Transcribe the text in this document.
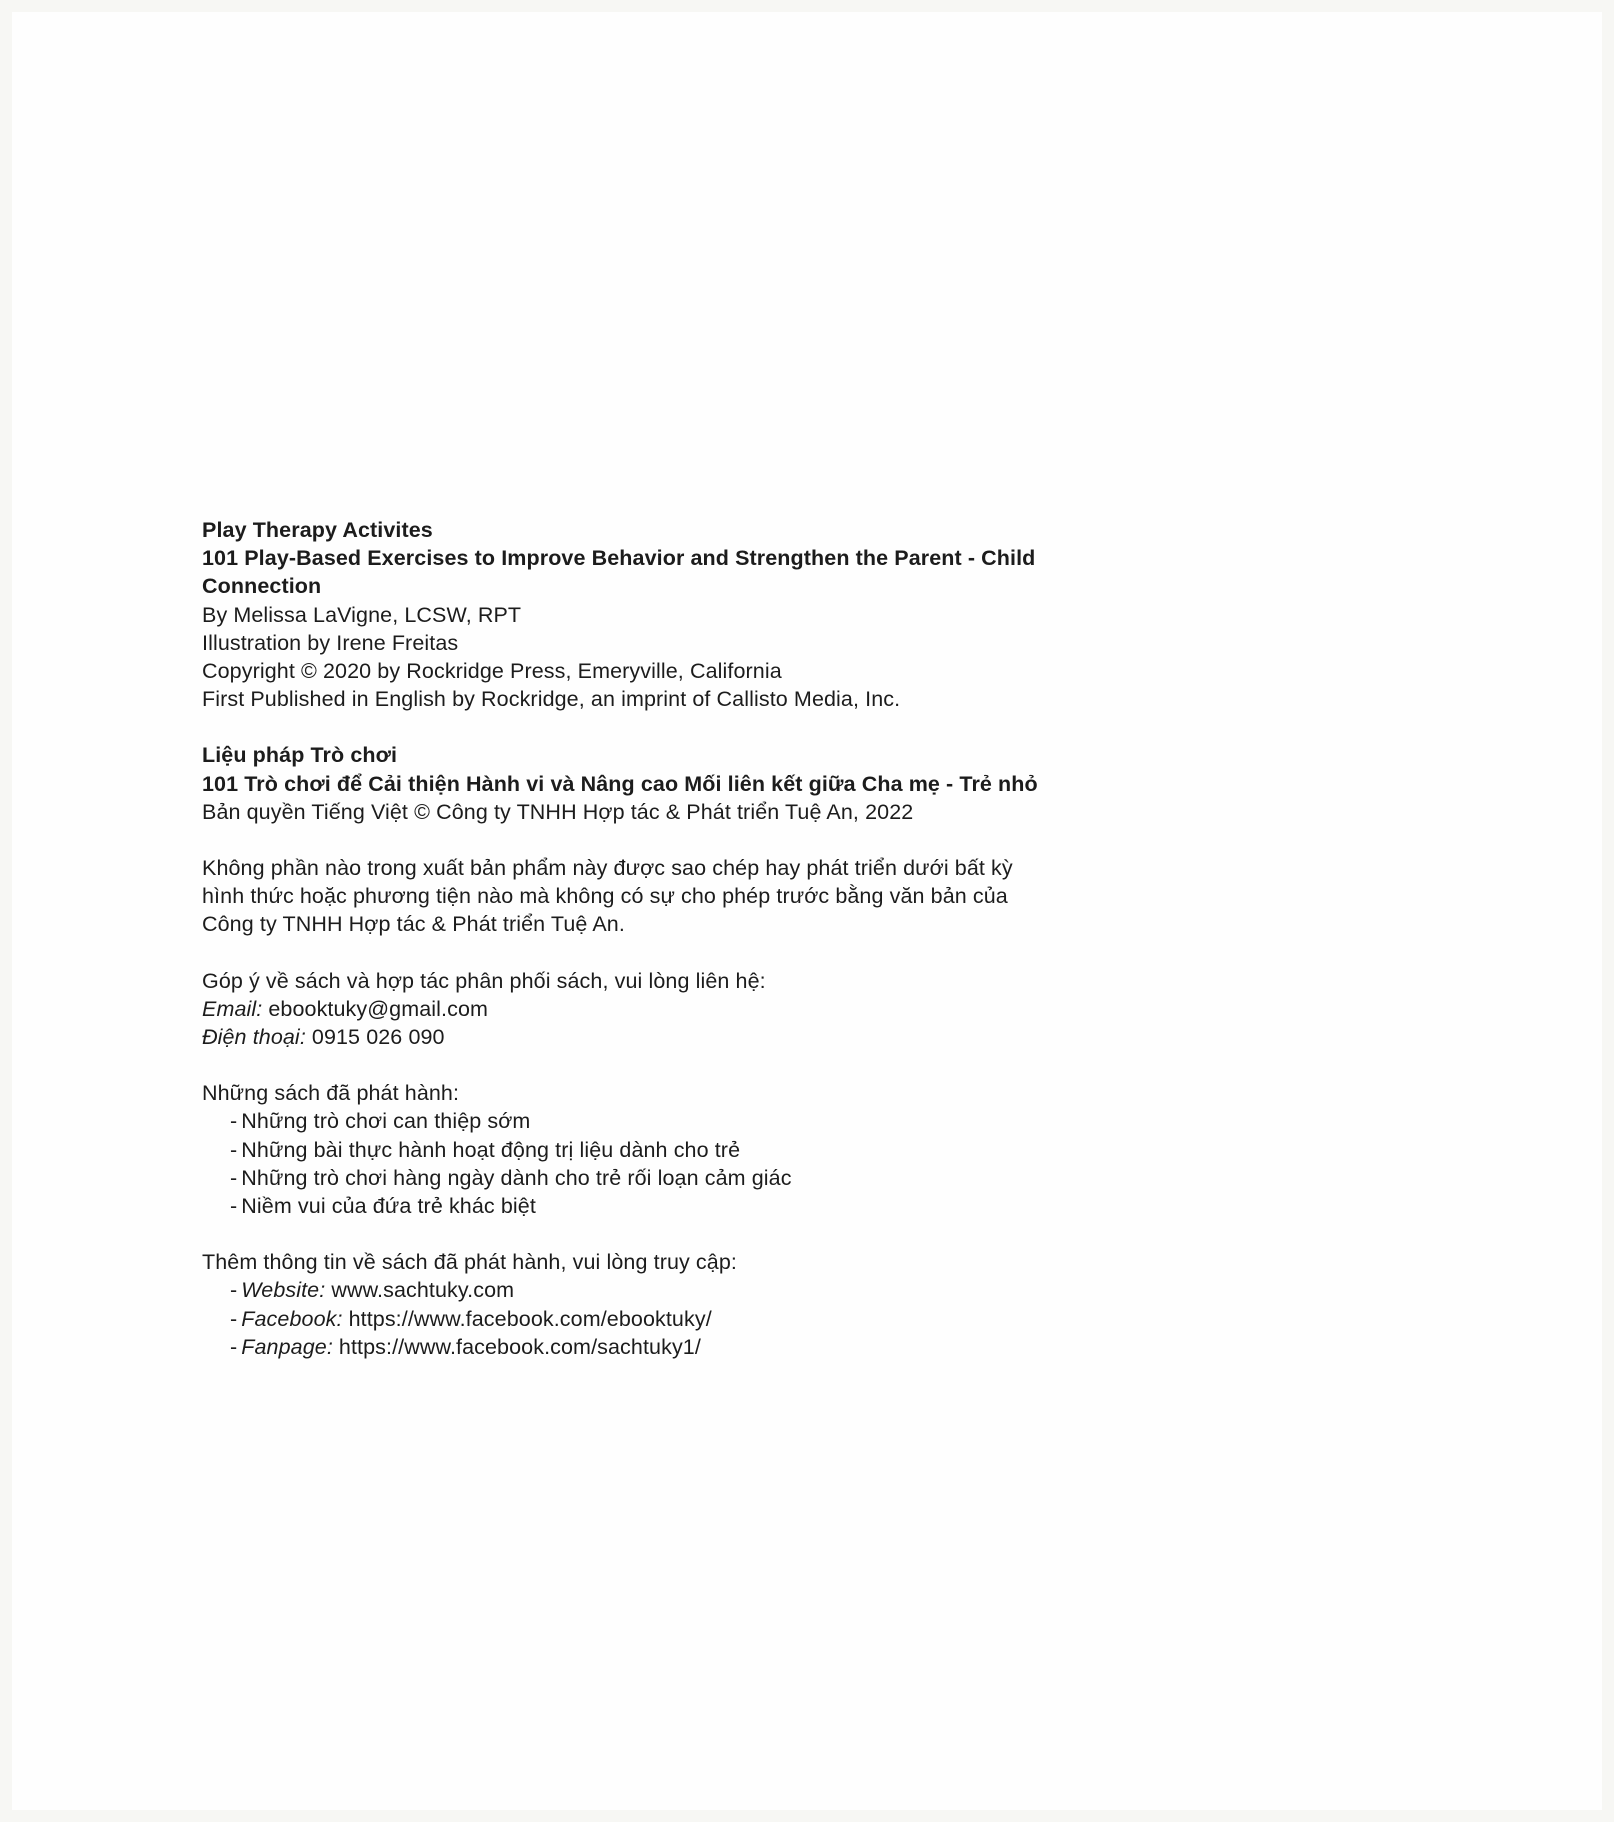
Play Therapy Activites

101 Play-Based Exercises to Improve Behavior and Strengthen the Parent - Child

Connection

By Melissa LaVigne, LCSW, RPT

Illustration by Irene Freitas

Copyright © 2020 by Rockridge Press, Emeryville, California

First Published in English by Rockridge, an imprint of Callisto Media, Inc.

Liệu pháp Trò chơi

101 Trò chơi để Cải thiện Hành vi và Nâng cao Mối liên kết giữa Cha mẹ - Trẻ nhỏ

Bản quyền Tiếng Việt © Công ty TNHH Hợp tác & Phát triển Tuệ An, 2022

Không phần nào trong xuất bản phẩm này được sao chép hay phát triển dưới bất kỳ hình thức hoặc phương tiện nào mà không có sự cho phép trước bằng văn bản của Công ty TNHH Hợp tác & Phát triển Tuệ An.

Góp ý về sách và hợp tác phân phối sách, vui lòng liên hệ:

Email: ebooktuky@gmail.com

Điện thoại: 0915 026 090

Những sách đã phát hành:

- Những trò chơi can thiệp sớm

- Những bài thực hành hoạt động trị liệu dành cho trẻ

- Những trò chơi hàng ngày dành cho trẻ rối loạn cảm giác

- Niềm vui của đứa trẻ khác biệt

Thêm thông tin về sách đã phát hành, vui lòng truy cập:

- Website: www.sachtuky.com

- Facebook: https://www.facebook.com/ebooktuky/

- Fanpage: https://www.facebook.com/sachtuky1/
